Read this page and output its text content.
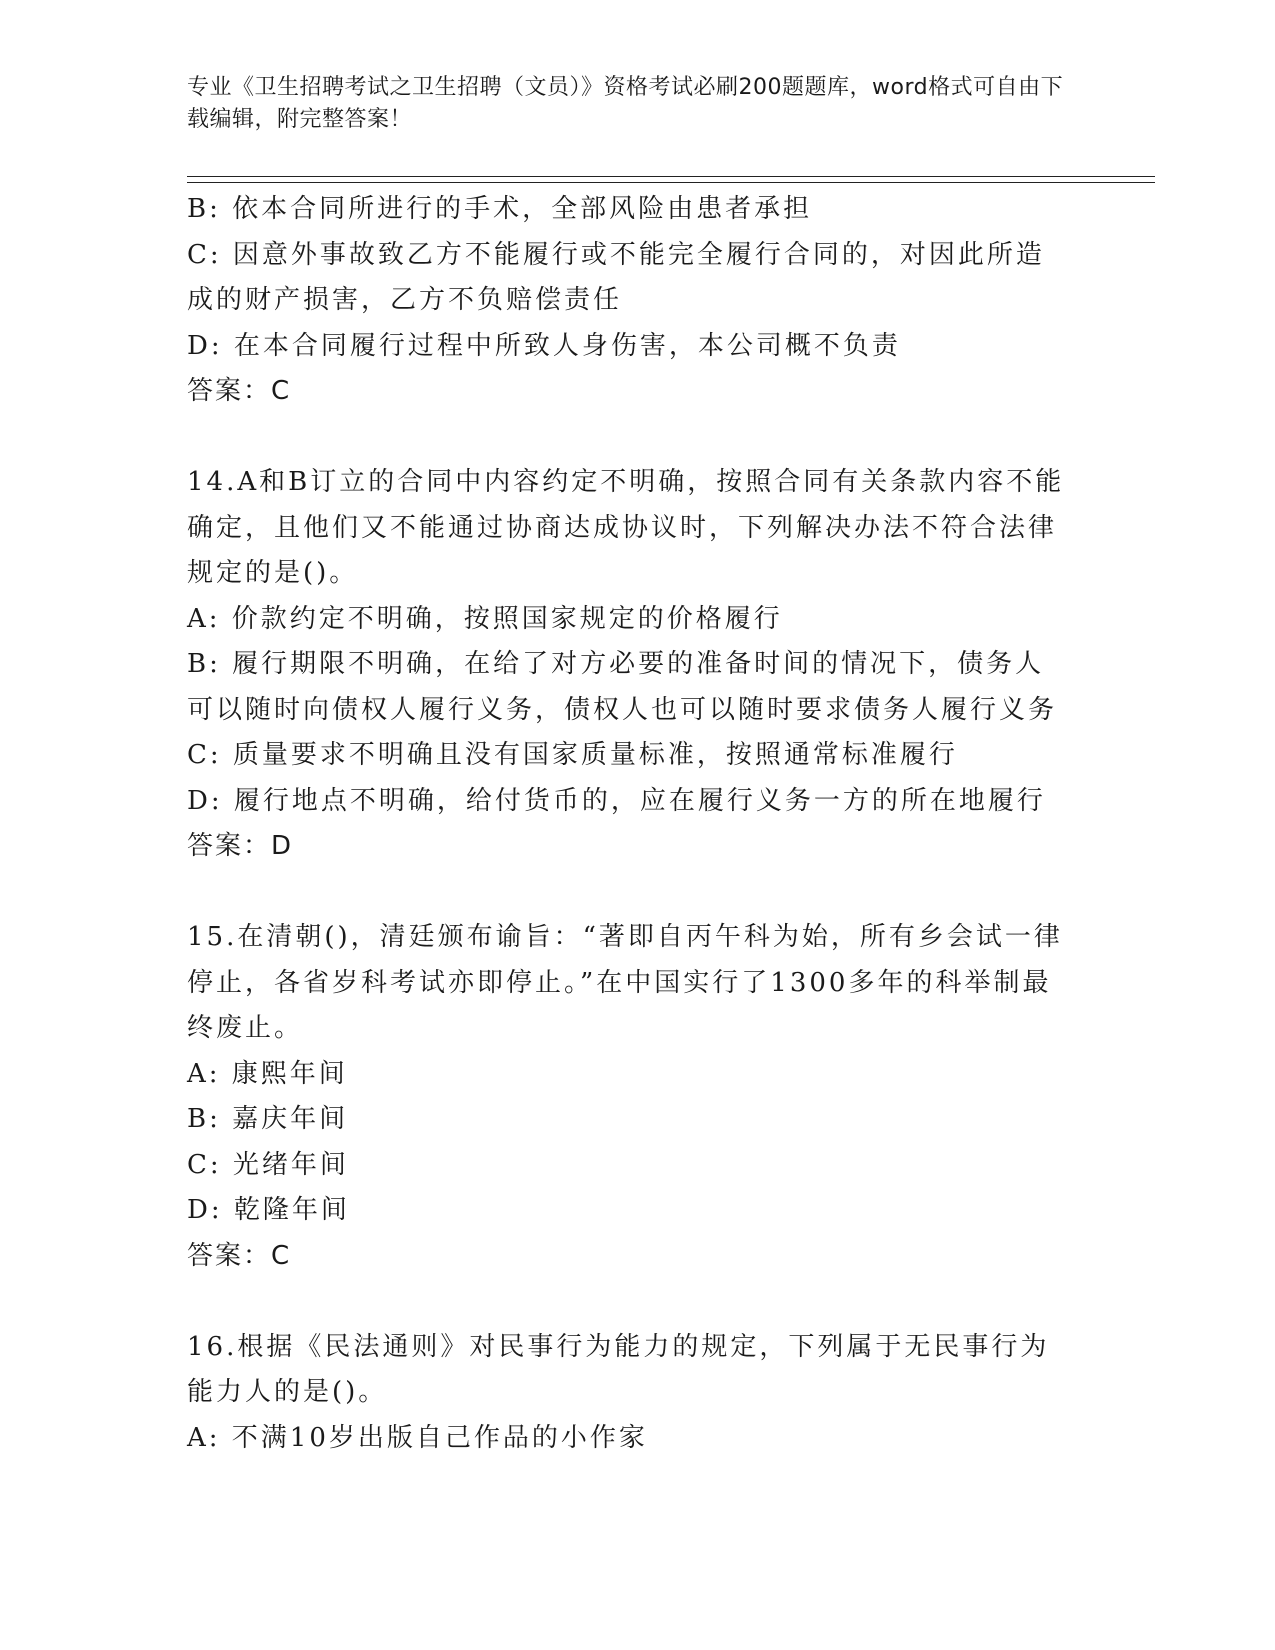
专业《卫生招聘考试之卫生招聘（文员）》资格考试必刷200题题库，word格式可自由下载编辑，附完整答案！

B: 依本合同所进行的手术，全部风险由患者承担

C: 因意外事故致乙方不能履行或不能完全履行合同的，对因此所造成的财产损害，乙方不负赔偿责任

D: 在本合同履行过程中所致人身伤害，本公司概不负责

答案：C

14.A和B订立的合同中内容约定不明确，按照合同有关条款内容不能确定，且他们又不能通过协商达成协议时，下列解决办法不符合法律规定的是()。

A: 价款约定不明确，按照国家规定的价格履行

B: 履行期限不明确，在给了对方必要的准备时间的情况下，债务人可以随时向债权人履行义务，债权人也可以随时要求债务人履行义务

C: 质量要求不明确且没有国家质量标准，按照通常标准履行

D: 履行地点不明确，给付货币的，应在履行义务一方的所在地履行

答案：D

15.在清朝()，清廷颁布谕旨：“著即自丙午科为始，所有乡会试一律停止，各省岁科考试亦即停止。”在中国实行了1300多年的科举制最终废止。

A: 康熙年间

B: 嘉庆年间

C: 光绪年间

D: 乾隆年间

答案：C

16.根据《民法通则》对民事行为能力的规定，下列属于无民事行为能力人的是()。

A: 不满10岁出版自己作品的小作家
